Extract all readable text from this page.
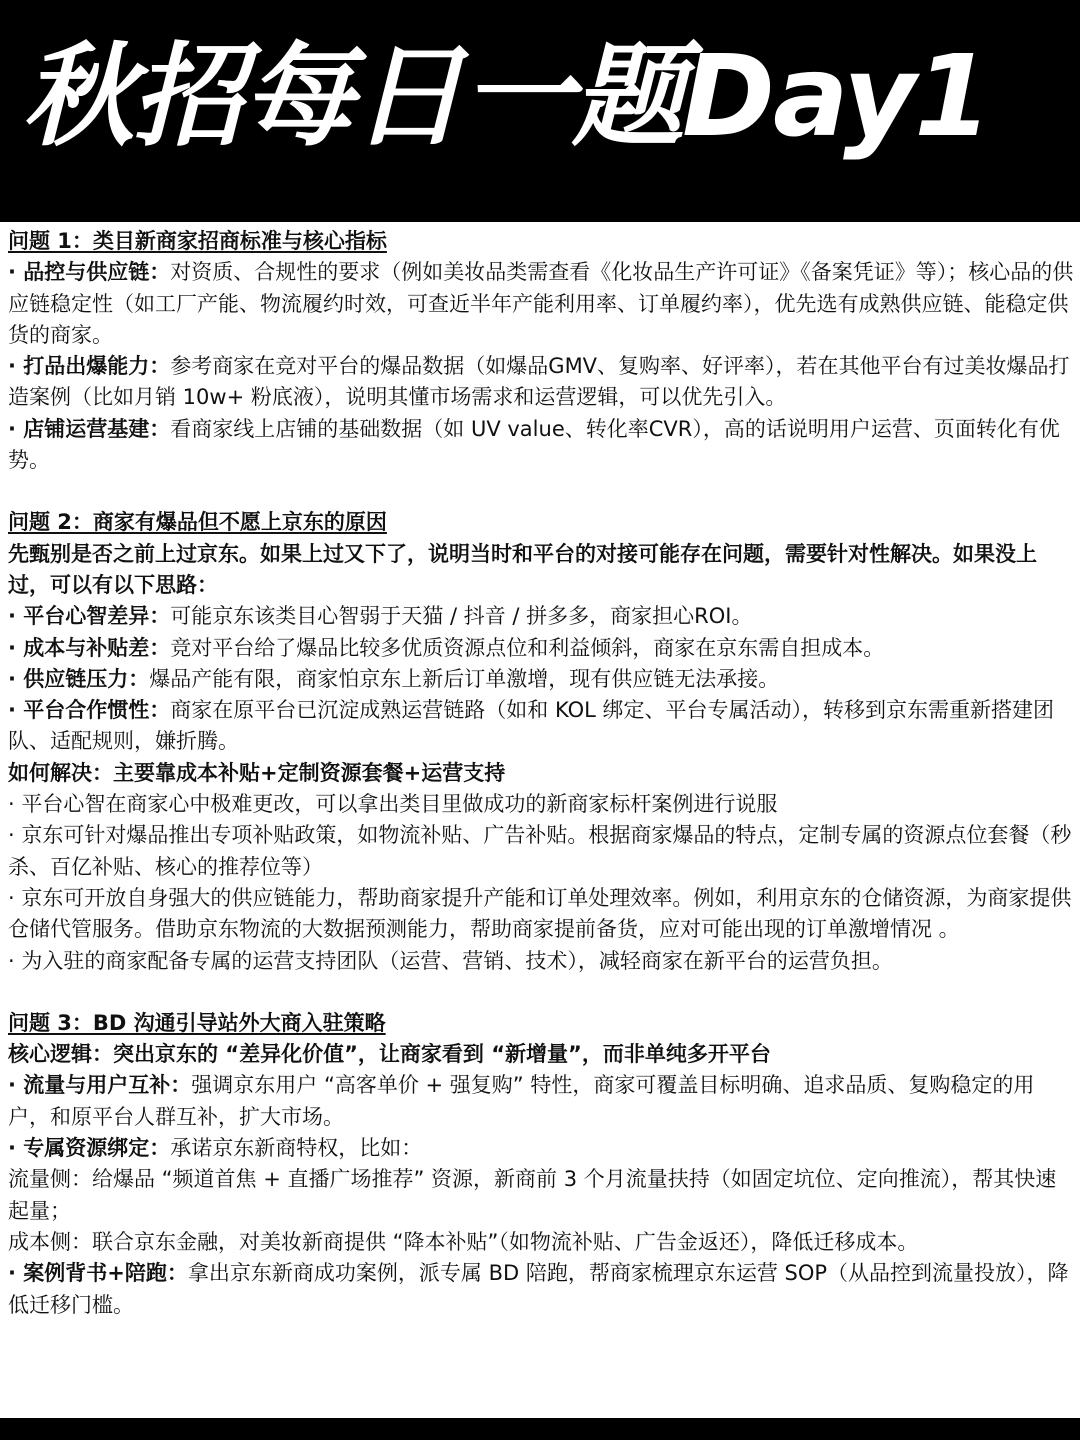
秋招每日一题Day1
问题 1：类目新商家招商标准与核心指标
· 品控与供应链：对资质、合规性的要求（例如美妆品类需查看《化妆品生产许可证》《备案凭证》等）；核心品的供应链稳定性（如工厂产能、物流履约时效，可查近半年产能利用率、订单履约率），优先选有成熟供应链、能稳定供货的商家。
· 打品出爆能力：参考商家在竞对平台的爆品数据（如爆品GMV、复购率、好评率），若在其他平台有过美妆爆品打造案例（比如月销 10w+ 粉底液），说明其懂市场需求和运营逻辑，可以优先引入。
· 店铺运营基建：看商家线上店铺的基础数据（如 UV value、转化率CVR），高的话说明用户运营、页面转化有优势。
问题 2：商家有爆品但不愿上京东的原因
先甄别是否之前上过京东。如果上过又下了，说明当时和平台的对接可能存在问题，需要针对性解决。如果没上过，可以有以下思路：
· 平台心智差异：可能京东该类目心智弱于天猫 / 抖音 / 拼多多，商家担心ROI。
· 成本与补贴差：竞对平台给了爆品比较多优质资源点位和利益倾斜，商家在京东需自担成本。
· 供应链压力：爆品产能有限，商家怕京东上新后订单激增，现有供应链无法承接。
· 平台合作惯性：商家在原平台已沉淀成熟运营链路（如和 KOL 绑定、平台专属活动），转移到京东需重新搭建团队、适配规则，嫌折腾。
如何解决：主要靠成本补贴+定制资源套餐+运营支持
· 平台心智在商家心中极难更改，可以拿出类目里做成功的新商家标杆案例进行说服
· 京东可针对爆品推出专项补贴政策，如物流补贴、广告补贴。根据商家爆品的特点，定制专属的资源点位套餐（秒杀、百亿补贴、核心的推荐位等）
· 京东可开放自身强大的供应链能力，帮助商家提升产能和订单处理效率。例如，利用京东的仓储资源，为商家提供仓储代管服务。借助京东物流的大数据预测能力，帮助商家提前备货，应对可能出现的订单激增情况 。
· 为入驻的商家配备专属的运营支持团队（运营、营销、技术），减轻商家在新平台的运营负担。
问题 3：BD 沟通引导站外大商入驻策略
核心逻辑：突出京东的 “差异化价值”，让商家看到 “新增量”，而非单纯多开平台
· 流量与用户互补：强调京东用户 “高客单价 + 强复购” 特性，商家可覆盖目标明确、追求品质、复购稳定的用户，和原平台人群互补，扩大市场。
· 专属资源绑定：承诺京东新商特权，比如：
流量侧：给爆品 “频道首焦 + 直播广场推荐” 资源，新商前 3 个月流量扶持（如固定坑位、定向推流），帮其快速起量；
成本侧：联合京东金融，对美妆新商提供 “降本补贴”（如物流补贴、广告金返还），降低迁移成本。
· 案例背书+陪跑：拿出京东新商成功案例，派专属 BD 陪跑，帮商家梳理京东运营 SOP（从品控到流量投放），降低迁移门槛。
